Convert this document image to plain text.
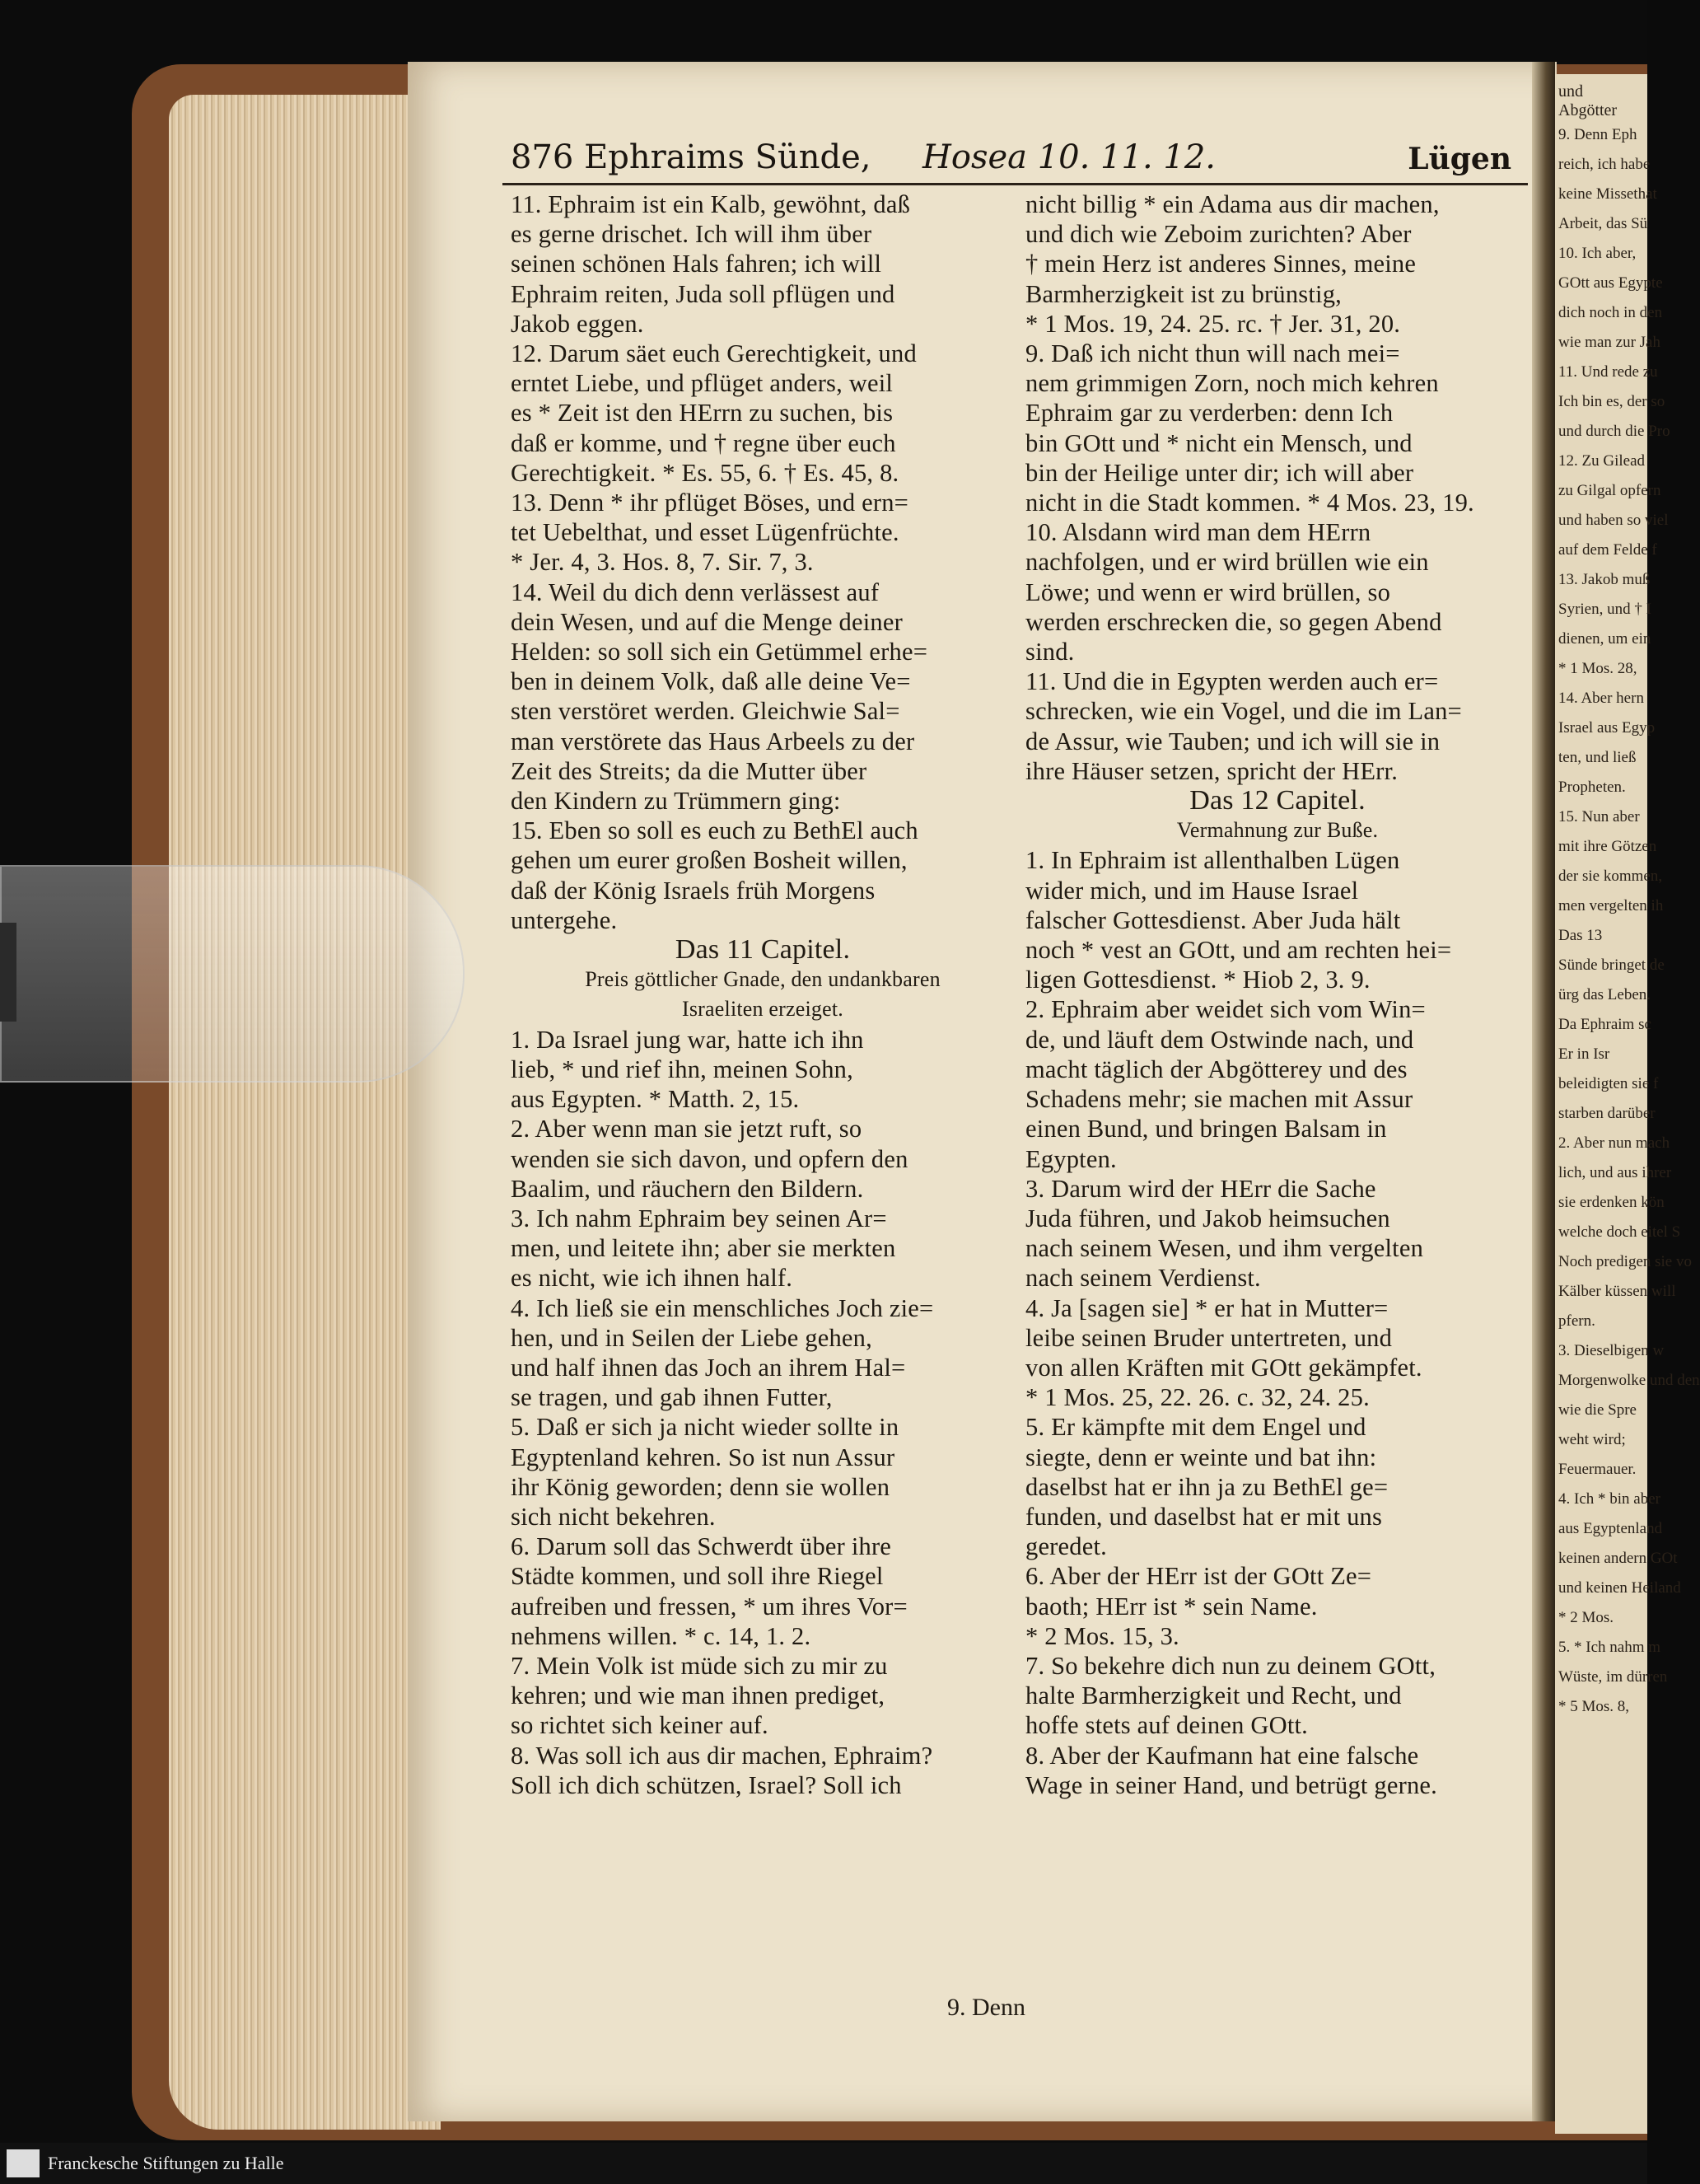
und Abgötter
9. Denn Eph
reich, ich habe
keine Missethat
Arbeit, das Sü
10. Ich aber,
GOtt aus Egypte
dich noch in den
wie man zur Jah
11. Und rede zu
Ich bin es, der so
und durch die Pro
12. Zu Gilead
zu Gilgal opfern
und haben so viel
auf dem Felde f
13. Jakob muß
Syrien, und † I
dienen, um ein
* 1 Mos. 28,
14. Aber hern
Israel aus Egyp
ten, und ließ
Propheten.
15. Nun aber
mit ihre Götzen
der sie kommen,
men vergelten ih
Das 13
Sünde bringet de
ürg das Leben.
Da Ephraim sc
Er in Isr
beleidigten sie f
starben darüber
2. Aber nun mach
lich, und aus ihrer
sie erdenken kön
welche doch eitel S
Noch predigen sie vo
Kälber küssen will
pfern.
3. Dieselbigen w
Morgenwolke und den
wie die Spre
weht wird;
Feuermauer.
4. Ich * bin aber
aus Egyptenland
keinen andern GOt
und keinen Heiland
* 2 Mos.
5. * Ich nahm m
Wüste, im dürren
* 5 Mos. 8,
876 Ephraims Sünde, Hosea 10. 11. 12.	Lügen
11. Ephraim ist ein Kalb, gewöhnt, daß
es gerne drischet. Ich will ihm über
seinen schönen Hals fahren; ich will
Ephraim reiten, Juda soll pflügen und
Jakob eggen.
12. Darum säet euch Gerechtigkeit, und
erntet Liebe, und pflüget anders, weil
es * Zeit ist den HErrn zu suchen, bis
daß er komme, und † regne über euch
Gerechtigkeit. * Es. 55, 6. † Es. 45, 8.
13. Denn * ihr pflüget Böses, und ern=
tet Uebelthat, und esset Lügenfrüchte.
* Jer. 4, 3. Hos. 8, 7. Sir. 7, 3.
14. Weil du dich denn verlässest auf
dein Wesen, und auf die Menge deiner
Helden: so soll sich ein Getümmel erhe=
ben in deinem Volk, daß alle deine Ve=
sten verstöret werden. Gleichwie Sal=
man verstörete das Haus Arbeels zu der
Zeit des Streits; da die Mutter über
den Kindern zu Trümmern ging:
15. Eben so soll es euch zu BethEl auch
gehen um eurer großen Bosheit willen,
daß der König Israels früh Morgens
untergehe.
Das 11 Capitel.
Preis göttlicher Gnade, den undankbaren
Israeliten erzeiget.
1. Da Israel jung war, hatte ich ihn
lieb, * und rief ihn, meinen Sohn,
aus Egypten. * Matth. 2, 15.
2. Aber wenn man sie jetzt ruft, so
wenden sie sich davon, und opfern den
Baalim, und räuchern den Bildern.
3. Ich nahm Ephraim bey seinen Ar=
men, und leitete ihn; aber sie merkten
es nicht, wie ich ihnen half.
4. Ich ließ sie ein menschliches Joch zie=
hen, und in Seilen der Liebe gehen,
und half ihnen das Joch an ihrem Hal=
se tragen, und gab ihnen Futter,
5. Daß er sich ja nicht wieder sollte in
Egyptenland kehren. So ist nun Assur
ihr König geworden; denn sie wollen
sich nicht bekehren.
6. Darum soll das Schwerdt über ihre
Städte kommen, und soll ihre Riegel
aufreiben und fressen, * um ihres Vor=
nehmens willen. * c. 14, 1. 2.
7. Mein Volk ist müde sich zu mir zu
kehren; und wie man ihnen prediget,
so richtet sich keiner auf.
8. Was soll ich aus dir machen, Ephraim?
Soll ich dich schützen, Israel? Soll ich
nicht billig * ein Adama aus dir machen,
und dich wie Zeboim zurichten? Aber
† mein Herz ist anderes Sinnes, meine
Barmherzigkeit ist zu brünstig,
* 1 Mos. 19, 24. 25. rc. † Jer. 31, 20.
9. Daß ich nicht thun will nach mei=
nem grimmigen Zorn, noch mich kehren
Ephraim gar zu verderben: denn Ich
bin GOtt und * nicht ein Mensch, und
bin der Heilige unter dir; ich will aber
nicht in die Stadt kommen. * 4 Mos. 23, 19.
10. Alsdann wird man dem HErrn
nachfolgen, und er wird brüllen wie ein
Löwe; und wenn er wird brüllen, so
werden erschrecken die, so gegen Abend
sind.
11. Und die in Egypten werden auch er=
schrecken, wie ein Vogel, und die im Lan=
de Assur, wie Tauben; und ich will sie in
ihre Häuser setzen, spricht der HErr.
Das 12 Capitel.
Vermahnung zur Buße.
1. In Ephraim ist allenthalben Lügen
wider mich, und im Hause Israel
falscher Gottesdienst. Aber Juda hält
noch * vest an GOtt, und am rechten hei=
ligen Gottesdienst. * Hiob 2, 3. 9.
2. Ephraim aber weidet sich vom Win=
de, und läuft dem Ostwinde nach, und
macht täglich der Abgötterey und des
Schadens mehr; sie machen mit Assur
einen Bund, und bringen Balsam in
Egypten.
3. Darum wird der HErr die Sache
Juda führen, und Jakob heimsuchen
nach seinem Wesen, und ihm vergelten
nach seinem Verdienst.
4. Ja [sagen sie] * er hat in Mutter=
leibe seinen Bruder untertreten, und
von allen Kräften mit GOtt gekämpfet.
* 1 Mos. 25, 22. 26. c. 32, 24. 25.
5. Er kämpfte mit dem Engel und
siegte, denn er weinte und bat ihn:
daselbst hat er ihn ja zu BethEl ge=
funden, und daselbst hat er mit uns
geredet.
6. Aber der HErr ist der GOtt Ze=
baoth; HErr ist * sein Name.
* 2 Mos. 15, 3.
7. So bekehre dich nun zu deinem GOtt,
halte Barmherzigkeit und Recht, und
hoffe stets auf deinen GOtt.
8. Aber der Kaufmann hat eine falsche
Wage in seiner Hand, und betrügt gerne.
9. Denn
Franckesche Stiftungen zu Halle
